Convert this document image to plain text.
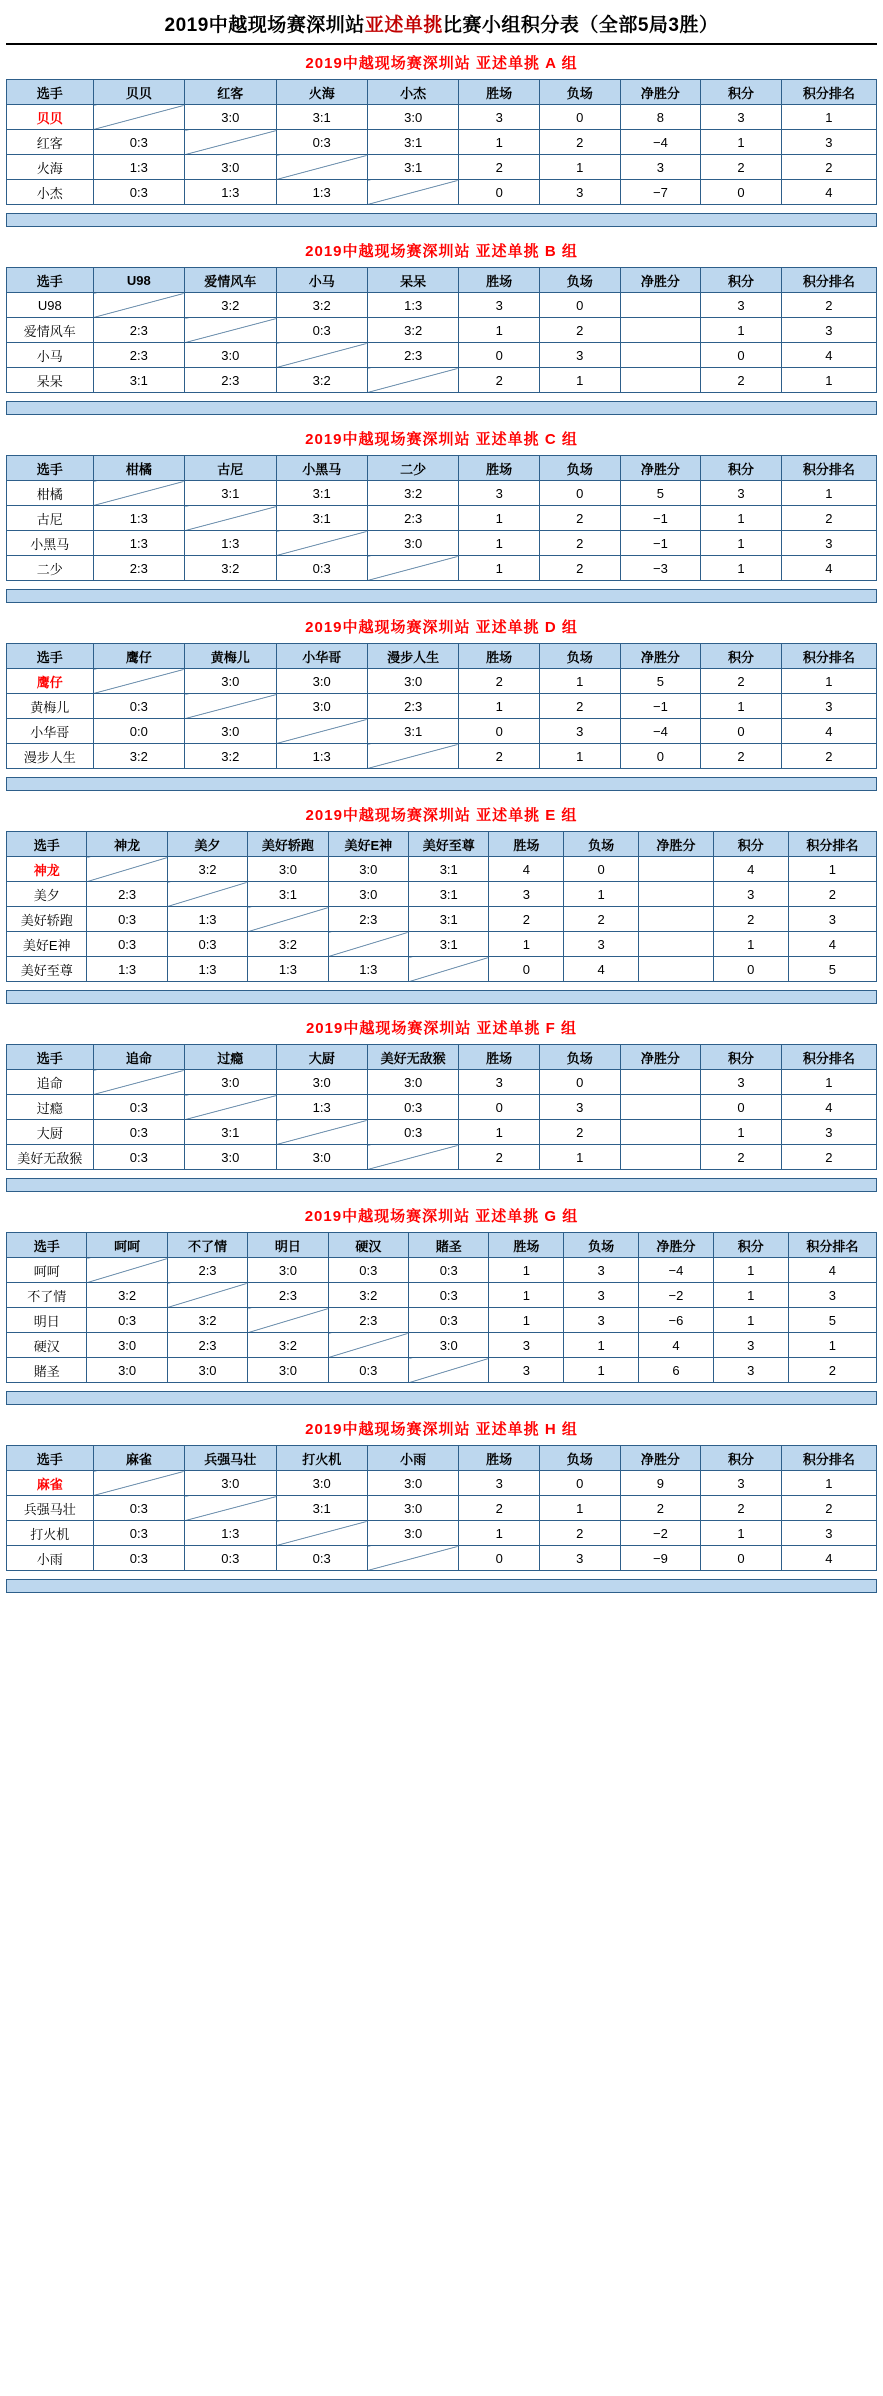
2019中越现场赛深圳站亚述单挑比赛小组积分表（全部5局3胜）
2019中越现场赛深圳站 亚述单挑 A 组
选手	贝贝	红客	火海	小杰	胜场	负场	净胜分	积分	积分排名
贝贝		3:0	3:1	3:0	3	0	8	3	1
红客	0:3		0:3	3:1	1	2	−4	1	3
火海	1:3	3:0		3:1	2	1	3	2	2
小杰	0:3	1:3	1:3		0	3	−7	0	4

2019中越现场赛深圳站 亚述单挑 B 组
选手	U98	爱情风车	小马	呆呆	胜场	负场	净胜分	积分	积分排名
U98		3:2	3:2	1:3	3	0		3	2
爱情风车	2:3		0:3	3:2	1	2		1	3
小马	2:3	3:0		2:3	0	3		0	4
呆呆	3:1	2:3	3:2		2	1		2	1

2019中越现场赛深圳站 亚述单挑 C 组
选手	柑橘	古尼	小黑马	二少	胜场	负场	净胜分	积分	积分排名
柑橘		3:1	3:1	3:2	3	0	5	3	1
古尼	1:3		3:1	2:3	1	2	−1	1	2
小黑马	1:3	1:3		3:0	1	2	−1	1	3
二少	2:3	3:2	0:3		1	2	−3	1	4

2019中越现场赛深圳站 亚述单挑 D 组
选手	鹰仔	黄梅儿	小华哥	漫步人生	胜场	负场	净胜分	积分	积分排名
鹰仔		3:0	3:0	3:0	2	1	5	2	1
黄梅儿	0:3		3:0	2:3	1	2	−1	1	3
小华哥	0:0	3:0		3:1	0	3	−4	0	4
漫步人生	3:2	3:2	1:3		2	1	0	2	2

2019中越现场赛深圳站 亚述单挑 E 组
选手	神龙	美夕	美好轿跑	美好E神	美好至尊	胜场	负场	净胜分	积分	积分排名
神龙		3:2	3:0	3:0	3:1	4	0		4	1
美夕	2:3		3:1	3:0	3:1	3	1		3	2
美好轿跑	0:3	1:3		2:3	3:1	2	2		2	3
美好E神	0:3	0:3	3:2		3:1	1	3		1	4
美好至尊	1:3	1:3	1:3	1:3		0	4		0	5

2019中越现场赛深圳站 亚述单挑 F 组
选手	追命	过瘾	大厨	美好无敌猴	胜场	负场	净胜分	积分	积分排名
追命		3:0	3:0	3:0	3	0		3	1
过瘾	0:3		1:3	0:3	0	3		0	4
大厨	0:3	3:1		0:3	1	2		1	3
美好无敌猴	0:3	3:0	3:0		2	1		2	2

2019中越现场赛深圳站 亚述单挑 G 组
选手	呵呵	不了情	明日	硬汉	賭圣	胜场	负场	净胜分	积分	积分排名
呵呵		2:3	3:0	0:3	0:3	1	3	−4	1	4
不了情	3:2		2:3	3:2	0:3	1	3	−2	1	3
明日	0:3	3:2		2:3	0:3	1	3	−6	1	5
硬汉	3:0	2:3	3:2		3:0	3	1	4	3	1
賭圣	3:0	3:0	3:0	0:3		3	1	6	3	2

2019中越现场赛深圳站 亚述单挑 H 组
选手	麻雀	兵强马壮	打火机	小雨	胜场	负场	净胜分	积分	积分排名
麻雀		3:0	3:0	3:0	3	0	9	3	1
兵强马壮	0:3		3:1	3:0	2	1	2	2	2
打火机	0:3	1:3		3:0	1	2	−2	1	3
小雨	0:3	0:3	0:3		0	3	−9	0	4
